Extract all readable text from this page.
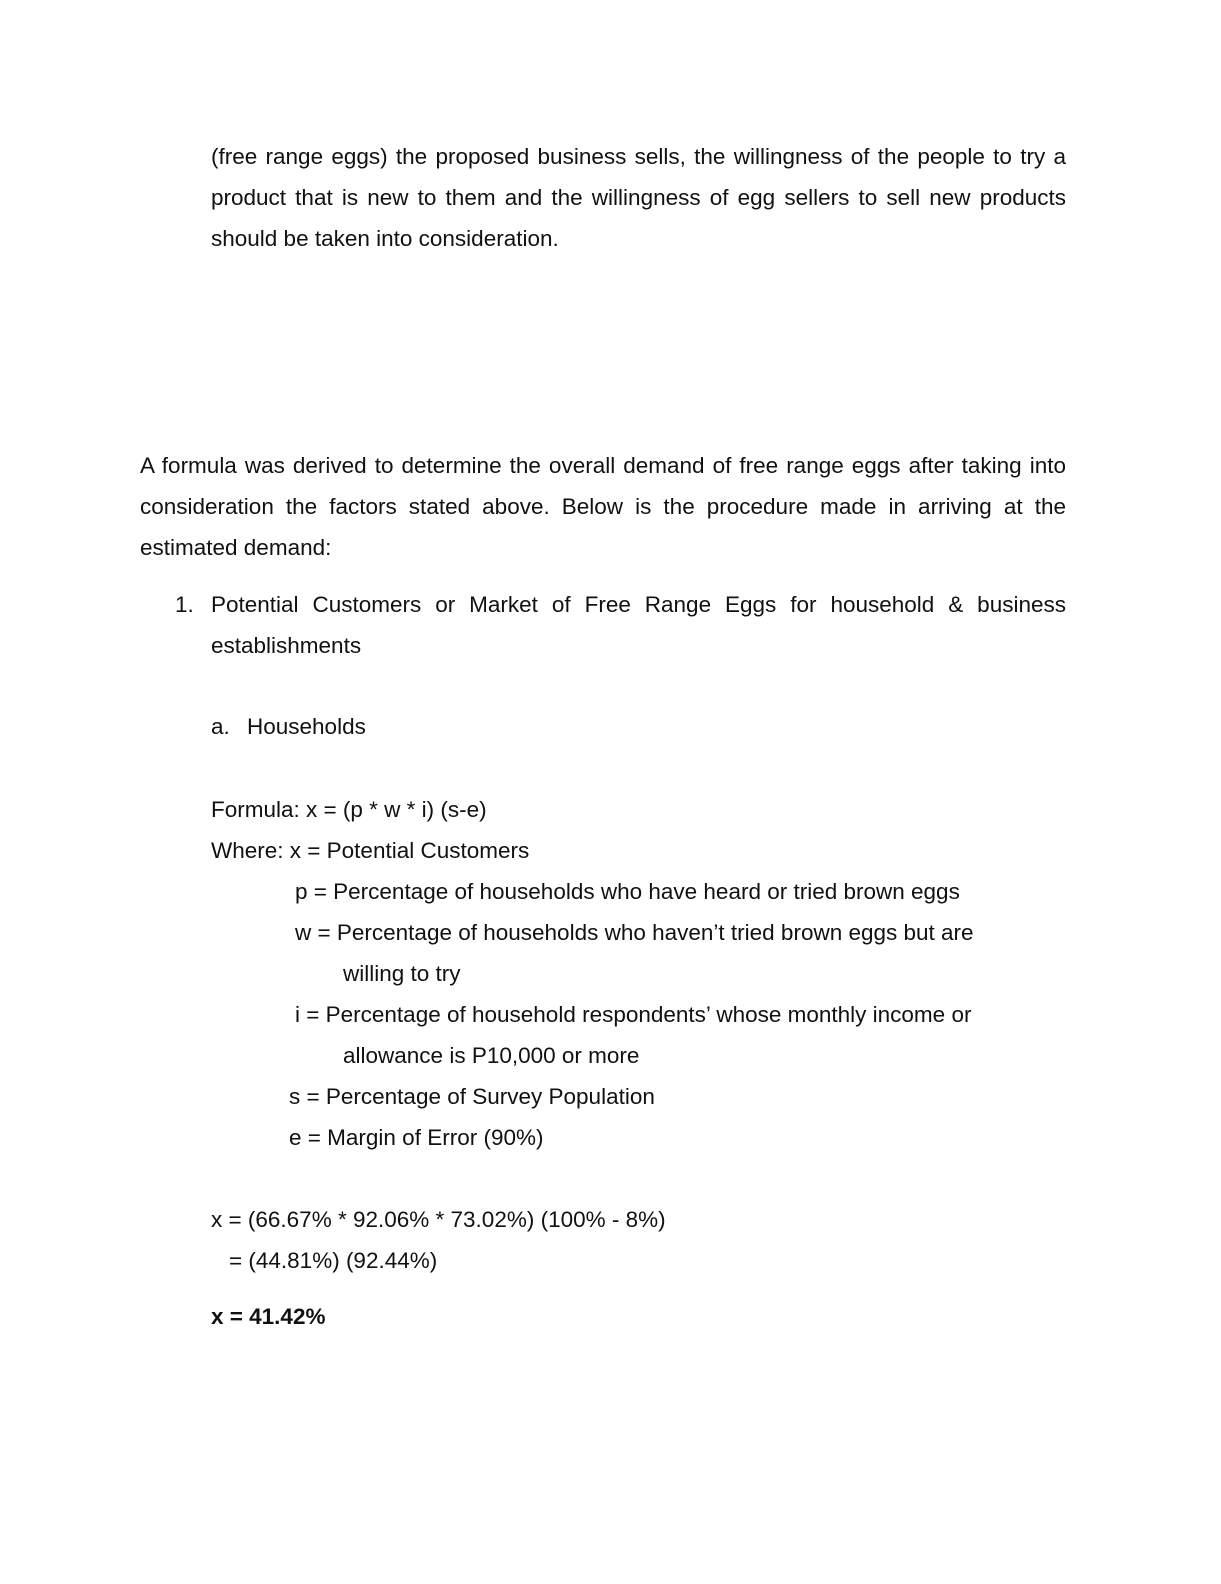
(free range eggs) the proposed business sells, the willingness of the people to try a product that is new to them and the willingness of egg sellers to sell new products should be taken into consideration.

A formula was derived to determine the overall demand of free range eggs after taking into consideration the factors stated above. Below is the procedure made in arriving at the estimated demand:

1. Potential Customers or Market of Free Range Eggs for household & business establishments
a. Households
Formula: x = (p * w * i) (s-e)
Where: x = Potential Customers
p = Percentage of households who have heard or tried brown eggs
w = Percentage of households who haven’t tried brown eggs but are
willing to try
i = Percentage of household respondents’ whose monthly income or
allowance is P10,000 or more
s = Percentage of Survey Population
e = Margin of Error (90%)
x = (66.67% * 92.06% * 73.02%) (100% - 8%)
= (44.81%) (92.44%)
x = 41.42%
